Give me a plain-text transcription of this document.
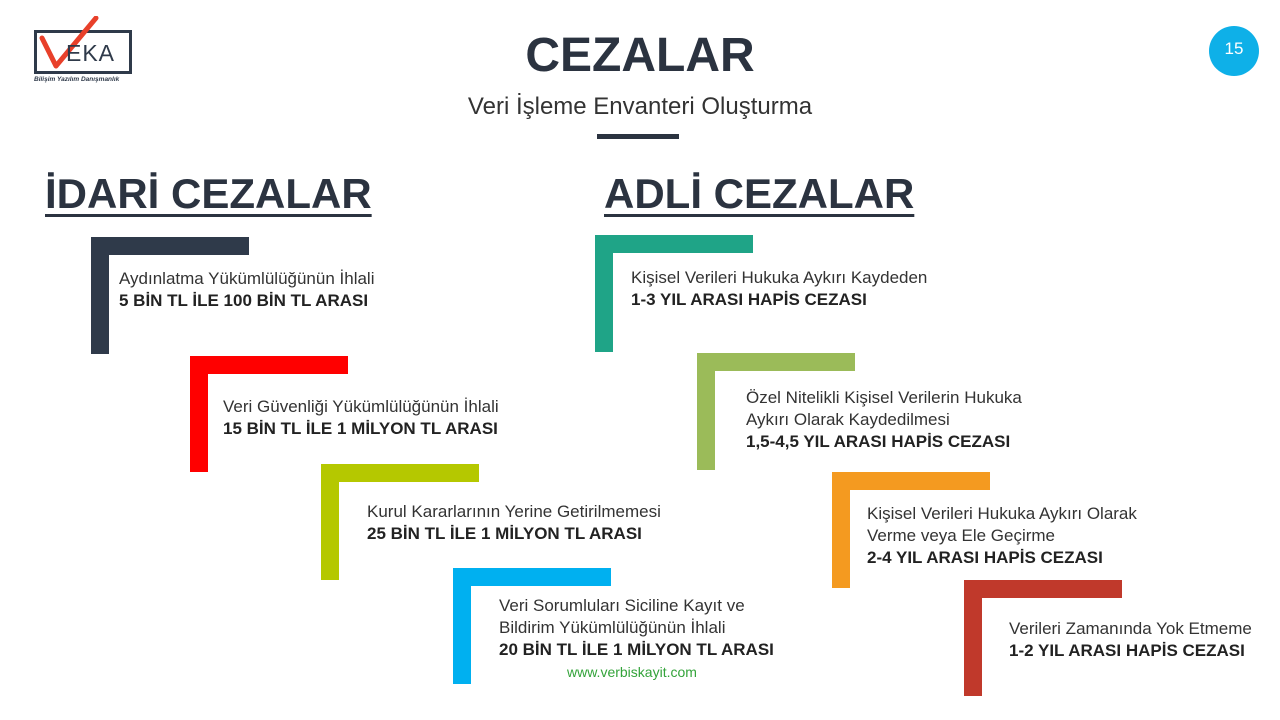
EKA
Bilişim Yazılım Danışmanlık	CEZALAR
Veri İşleme Envanteri Oluşturma
15
İDARİ CEZALAR	ADLİ CEZALAR
Aydınlatma Yükümlülüğünün İhlali
5 BİN TL İLE 100 BİN TL ARASI
Veri Güvenliği Yükümlülüğünün İhlali
15 BİN TL İLE 1 MİLYON TL ARASI
Kurul Kararlarının Yerine Getirilmemesi
25 BİN TL İLE 1 MİLYON TL ARASI
Veri Sorumluları Siciline Kayıt ve
Bildirim Yükümlülüğünün İhlali
20 BİN TL İLE 1 MİLYON TL ARASI
Kişisel Verileri Hukuka Aykırı Kaydeden
1-3 YIL ARASI HAPİS CEZASI
Özel Nitelikli Kişisel Verilerin Hukuka
Aykırı Olarak Kaydedilmesi
1,5-4,5 YIL ARASI HAPİS CEZASI
Kişisel Verileri Hukuka Aykırı Olarak
Verme veya Ele Geçirme
2-4 YIL ARASI HAPİS CEZASI
Verileri Zamanında Yok Etmeme
1-2 YIL ARASI HAPİS CEZASI
www.verbiskayit.com
